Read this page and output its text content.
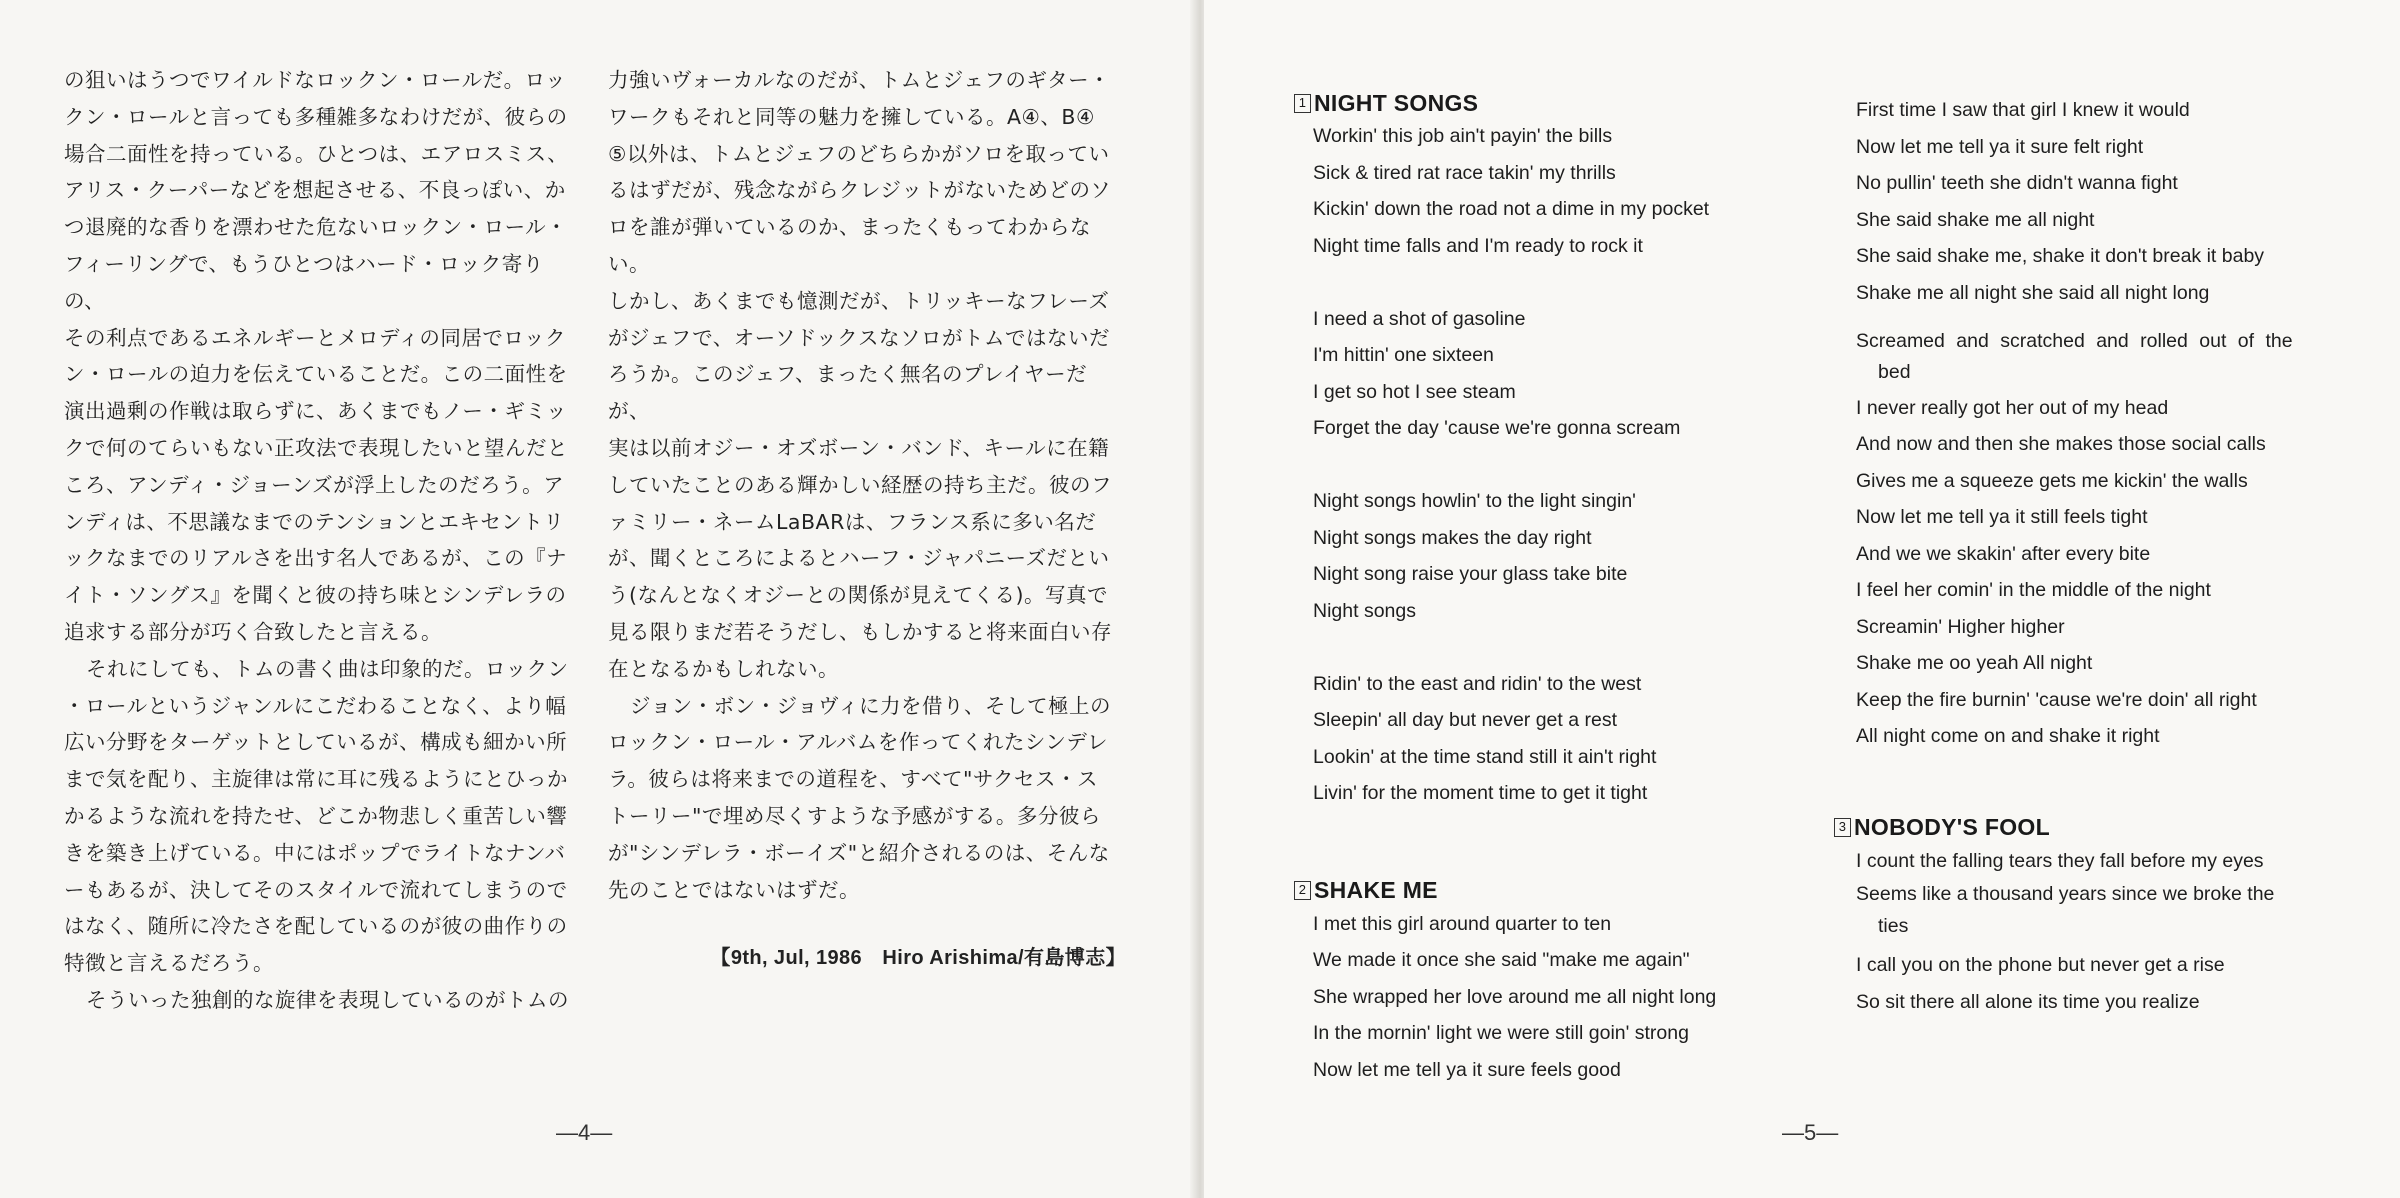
の狙いはうつでワイルドなロックン・ロールだ。ロッ

クン・ロールと言っても多種雑多なわけだが、彼らの

場合二面性を持っている。ひとつは、エアロスミス、

アリス・クーパーなどを想起させる、不良っぽい、か

つ退廃的な香りを漂わせた危ないロックン・ロール・

フィーリングで、もうひとつはハード・ロック寄りの、

その利点であるエネルギーとメロディの同居でロック

ン・ロールの迫力を伝えていることだ。この二面性を

演出過剰の作戦は取らずに、あくまでもノー・ギミッ

クで何のてらいもない正攻法で表現したいと望んだと

ころ、アンディ・ジョーンズが浮上したのだろう。ア

ンディは、不思議なまでのテンションとエキセントリ

ックなまでのリアルさを出す名人であるが、この『ナ

イト・ソングス』を聞くと彼の持ち味とシンデレラの

追求する部分が巧く合致したと言える。

それにしても、トムの書く曲は印象的だ。ロックン

・ロールというジャンルにこだわることなく、より幅

広い分野をターゲットとしているが、構成も細かい所

まで気を配り、主旋律は常に耳に残るようにとひっか

かるような流れを持たせ、どこか物悲しく重苦しい響

きを築き上げている。中にはポップでライトなナンバ

ーもあるが、決してそのスタイルで流れてしまうので

はなく、随所に冷たさを配しているのが彼の曲作りの

特徴と言えるだろう。

そういった独創的な旋律を表現しているのがトムの

力強いヴォーカルなのだが、トムとジェフのギター・

ワークもそれと同等の魅力を擁している。A④、B④

⑤以外は、トムとジェフのどちらかがソロを取ってい

るはずだが、残念ながらクレジットがないためどのソ

ロを誰が弾いているのか、まったくもってわからない。

しかし、あくまでも憶測だが、トリッキーなフレーズ

がジェフで、オーソドックスなソロがトムではないだ

ろうか。このジェフ、まったく無名のプレイヤーだが、

実は以前オジー・オズボーン・バンド、キールに在籍

していたことのある輝かしい経歴の持ち主だ。彼のフ

ァミリー・ネームLaBARは、フランス系に多い名だ

が、聞くところによるとハーフ・ジャパニーズだとい

う(なんとなくオジーとの関係が見えてくる)。写真で

見る限りまだ若そうだし、もしかすると将来面白い存

在となるかもしれない。

ジョン・ボン・ジョヴィに力を借り、そして極上の

ロックン・ロール・アルバムを作ってくれたシンデレ

ラ。彼らは将来までの道程を、すべて"サクセス・ス

トーリー"で埋め尽くすような予感がする。多分彼ら

が"シンデレラ・ボーイズ"と紹介されるのは、そんな

先のことではないはずだ。

【9th, Jul, 1986　Hiro Arishima/有島博志】

—4—
1 NIGHT SONGS
Workin' this job ain't payin' the bills
Sick & tired rat race takin' my thrills
Kickin' down the road not a dime in my pocket
Night time falls and I'm ready to rock it
I need a shot of gasoline
I'm hittin' one sixteen
I get so hot I see steam
Forget the day 'cause we're gonna scream
Night songs howlin' to the light singin'
Night songs makes the day right
Night song raise your glass take bite
Night songs
Ridin' to the east and ridin' to the west
Sleepin' all day but never get a rest
Lookin' at the time stand still it ain't right
Livin' for the moment time to get it tight
2 SHAKE ME
I met this girl around quarter to ten
We made it once she said "make me again"
She wrapped her love around me all night long
In the mornin' light we were still goin' strong
Now let me tell ya it sure feels good
First time I saw that girl I knew it would
Now let me tell ya it sure felt right
No pullin' teeth she didn't wanna fight
She said shake me all night
She said shake me, shake it don't break it baby
Shake me all night she said all night long
Screamed and scratched and rolled out of the
bed
I never really got her out of my head
And now and then she makes those social calls
Gives me a squeeze gets me kickin' the walls
Now let me tell ya it still feels tight
And we we skakin' after every bite
I feel her comin' in the middle of the night
Screamin' Higher higher
Shake me oo yeah All night
Keep the fire burnin' 'cause we're doin' all right
All night come on and shake it right
3 NOBODY'S FOOL
I count the falling tears they fall before my eyes
Seems like a thousand years since we broke the
ties
I call you on the phone but never get a rise
So sit there all alone its time you realize
—5—
